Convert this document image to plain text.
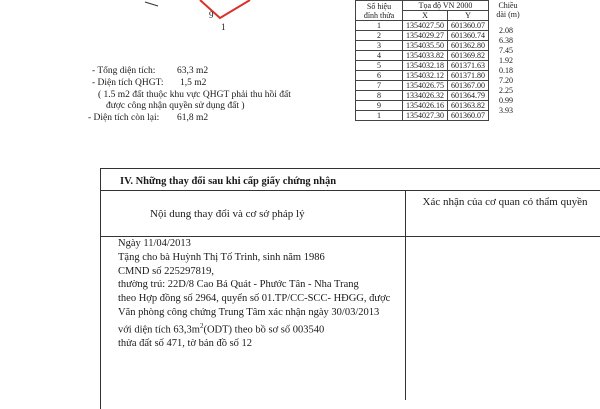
9
1
Số hiệu đỉnh thửa	Tọa độ VN 2000		Chiều dài (m)
	X	Y	
1	1354027.50	601360.07	2.08
2	1354029.27	601360.74	6.38
3	1354035.50	601362.80	7.45
4	1354033.82	601369.82	1.92
5	1354032.18	601371.63	0.18
6	1354032.12	601371.80	7.20
7	1354026.75	601367.00	2.25
8	1334026.32	601364.79	0.99
9	1354026.16	601363.82	3.93
1	1354027.30	601360.07	
- Tổng diện tích: 63,3 m2
- Diện tích QHGT: 1,5 m2
( 1.5 m2 đất thuộc khu vực QHGT phải thu hồi đất
được công nhận quyền sử dụng đất )
- Diện tích còn lại: 61,8 m2
IV. Những thay đổi sau khi cấp giấy chứng nhận
Nội dung thay đổi và cơ sở pháp lý
Xác nhận của cơ quan có thẩm quyền
Ngày 11/04/2013
Tặng cho bà Huỳnh Thị Tố Trinh, sinh năm 1986
CMND số 225297819,
thường trú: 22D/8 Cao Bá Quát - Phước Tân - Nha Trang
theo Hợp đồng số 2964, quyển số 01.TP/CC-SCC- HĐGG, được
Văn phòng công chứng Trung Tâm xác nhận ngày 30/03/2013
với diện tích $63,3m^2(ODT)$ theo bồ sơ số 003540
thửa đất số 471, tờ bản đồ số 12
